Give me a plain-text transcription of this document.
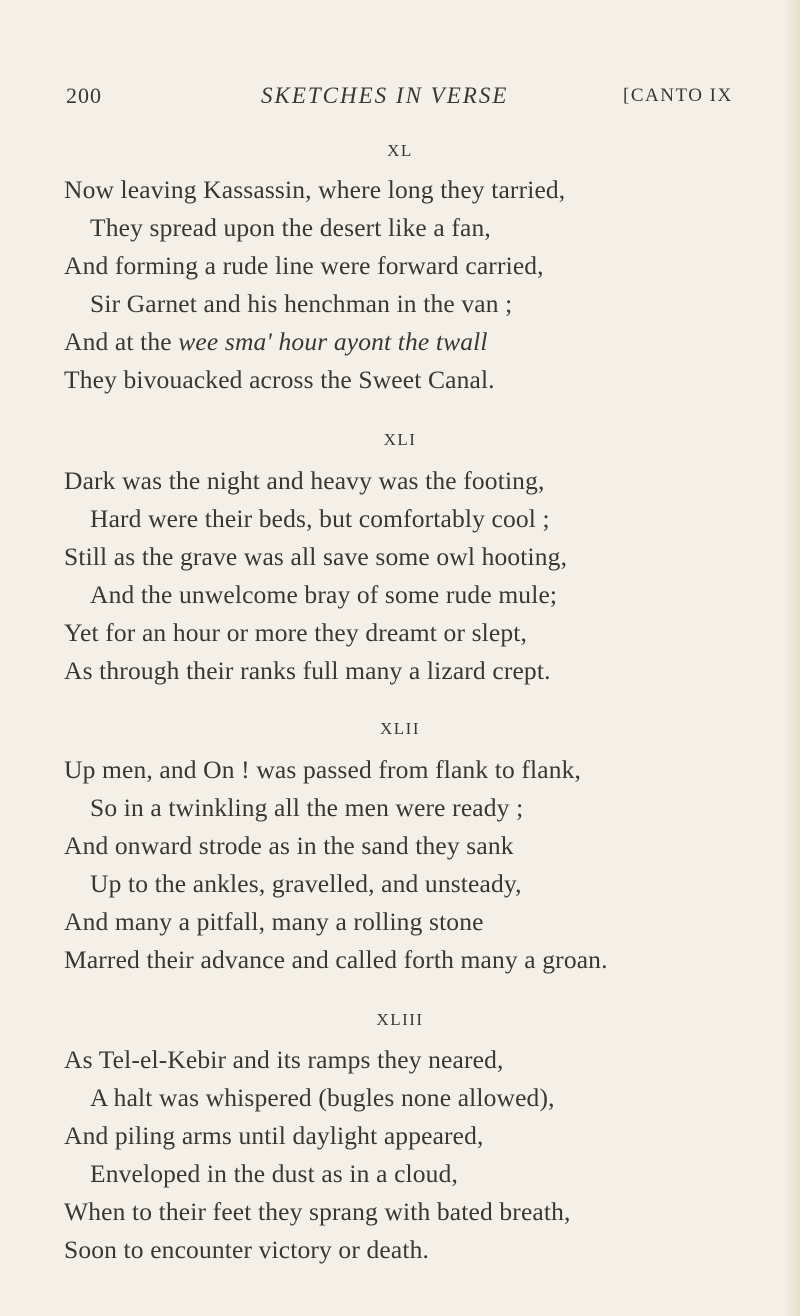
200	SKETCHES IN VERSE	[CANTO IX
XL
Now leaving Kassassin, where long they tarried,
They spread upon the desert like a fan,
And forming a rude line were forward carried,
Sir Garnet and his henchman in the van ;
And at the wee sma' hour ayont the twall
They bivouacked across the Sweet Canal.
XLI
Dark was the night and heavy was the footing,
Hard were their beds, but comfortably cool ;
Still as the grave was all save some owl hooting,
And the unwelcome bray of some rude mule;
Yet for an hour or more they dreamt or slept,
As through their ranks full many a lizard crept.
XLII
Up men, and On ! was passed from flank to flank,
So in a twinkling all the men were ready ;
And onward strode as in the sand they sank
Up to the ankles, gravelled, and unsteady,
And many a pitfall, many a rolling stone
Marred their advance and called forth many a groan.
XLIII
As Tel-el-Kebir and its ramps they neared,
A halt was whispered (bugles none allowed),
And piling arms until daylight appeared,
Enveloped in the dust as in a cloud,
When to their feet they sprang with bated breath,
Soon to encounter victory or death.
